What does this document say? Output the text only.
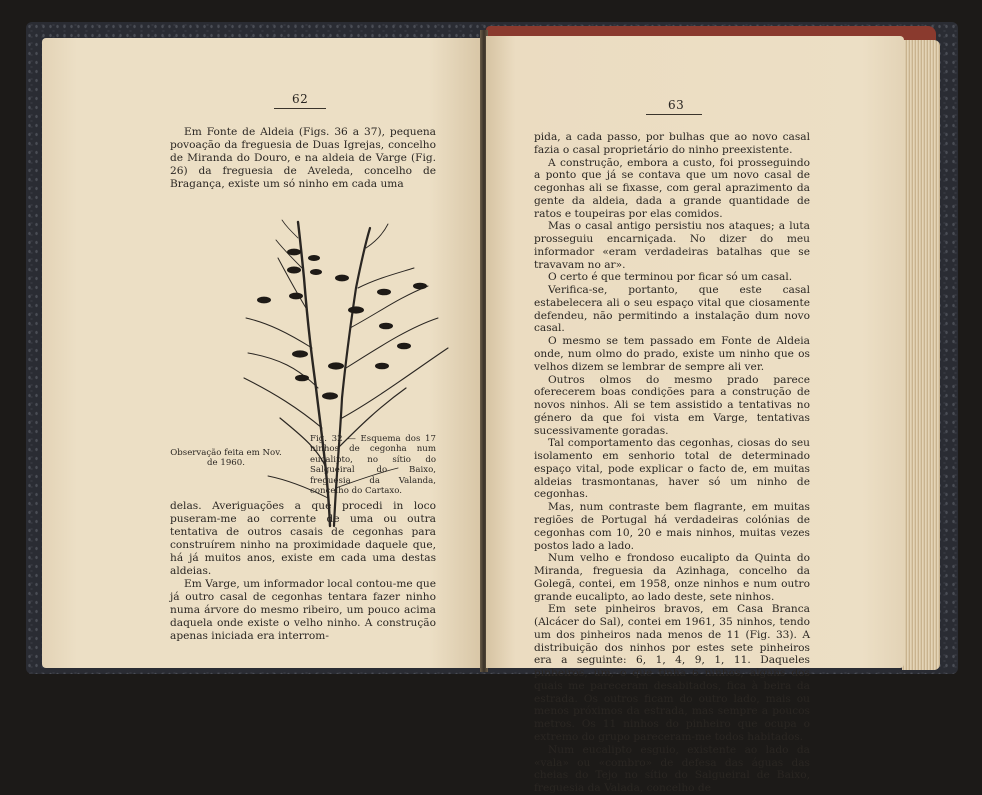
62

Em Fonte de Aldeia (Figs. 36 a 37), pequena povoação da freguesia de Duas Igrejas, concelho de Miranda do Douro, e na aldeia de Varge (Fig. 26) da freguesia de Aveleda, concelho de Bragança, existe um só ninho em cada uma

Observação feita em Nov. de 1960.
Fig. 32 — Esquema dos 17 ninhos de cegonha num eucalipto, no sítio do Salgueiral do Baixo, freguesia da Valanda, concelho do Cartaxo.

delas. Averiguações a que procedi in loco puseram-me ao corrente de uma ou outra tentativa de outros casais de cegonhas para construírem ninho na proximidade daquele que, há já muitos anos, existe em cada uma destas aldeias.

Em Varge, um informador local contou-me que já outro casal de cegonhas tentara fazer ninho numa árvore do mesmo ribeiro, um pouco acima daquela onde existe o velho ninho. A construção apenas iniciada era interrom-

63

pida, a cada passo, por bulhas que ao novo casal fazia o casal proprietário do ninho preexistente.

A construção, embora a custo, foi prosseguindo a ponto que já se contava que um novo casal de cegonhas ali se fixasse, com geral aprazimento da gente da aldeia, dada a grande quantidade de ratos e toupeiras por elas comidos.

Mas o casal antigo persistiu nos ataques; a luta prosseguiu encarniçada. No dizer do meu informador «eram verdadeiras batalhas que se travavam no ar».

O certo é que terminou por ficar só um casal.

Verifica-se, portanto, que este casal estabelecera ali o seu espaço vital que ciosamente defendeu, não permitindo a instalação dum novo casal.

O mesmo se tem passado em Fonte de Aldeia onde, num olmo do prado, existe um ninho que os velhos dizem se lembrar de sempre ali ver.

Outros olmos do mesmo prado parece oferecerem boas condições para a construção de novos ninhos. Ali se tem assistido a tentativas no género da que foi vista em Varge, tentativas sucessivamente goradas.

Tal comportamento das cegonhas, ciosas do seu isolamento em senhorio total de determinado espaço vital, pode explicar o facto de, em muitas aldeias trasmontanas, haver só um ninho de cegonhas.

Mas, num contraste bem flagrante, em muitas regiões de Portugal há verdadeiras colónias de cegonhas com 10, 20 e mais ninhos, muitas vezes postos lado a lado.

Num velho e frondoso eucalipto da Quinta do Miranda, freguesia da Azinhaga, concelho da Golegã, contei, em 1958, onze ninhos e num outro grande eucalipto, ao lado deste, sete ninhos.

Em sete pinheiros bravos, em Casa Branca (Alcácer do Sal), contei em 1961, 35 ninhos, tendo um dos pinheiros nada menos de 11 (Fig. 33). A distribuição dos ninhos por estes sete pinheiros era a seguinte: 6, 1, 4, 9, 1, 11. Daqueles pinheiros, um, o que tinha 6 ninhos, alguns dos quais me pareceram desabitados, fica à beira da estrada. Os outros ficam do outro lado, mais ou menos próximos da estrada, mas sempre a poucos metros. Os 11 ninhos do pinheiro que ocupa o extremo do grupo pareceram-me todos habitados.

Num eucalipto esguio, existente ao lado da «vala» ou «combro» de defesa das águas das cheias do Tejo no sítio do Salgueiral de Baixo, freguesia da Valada, concelho de
